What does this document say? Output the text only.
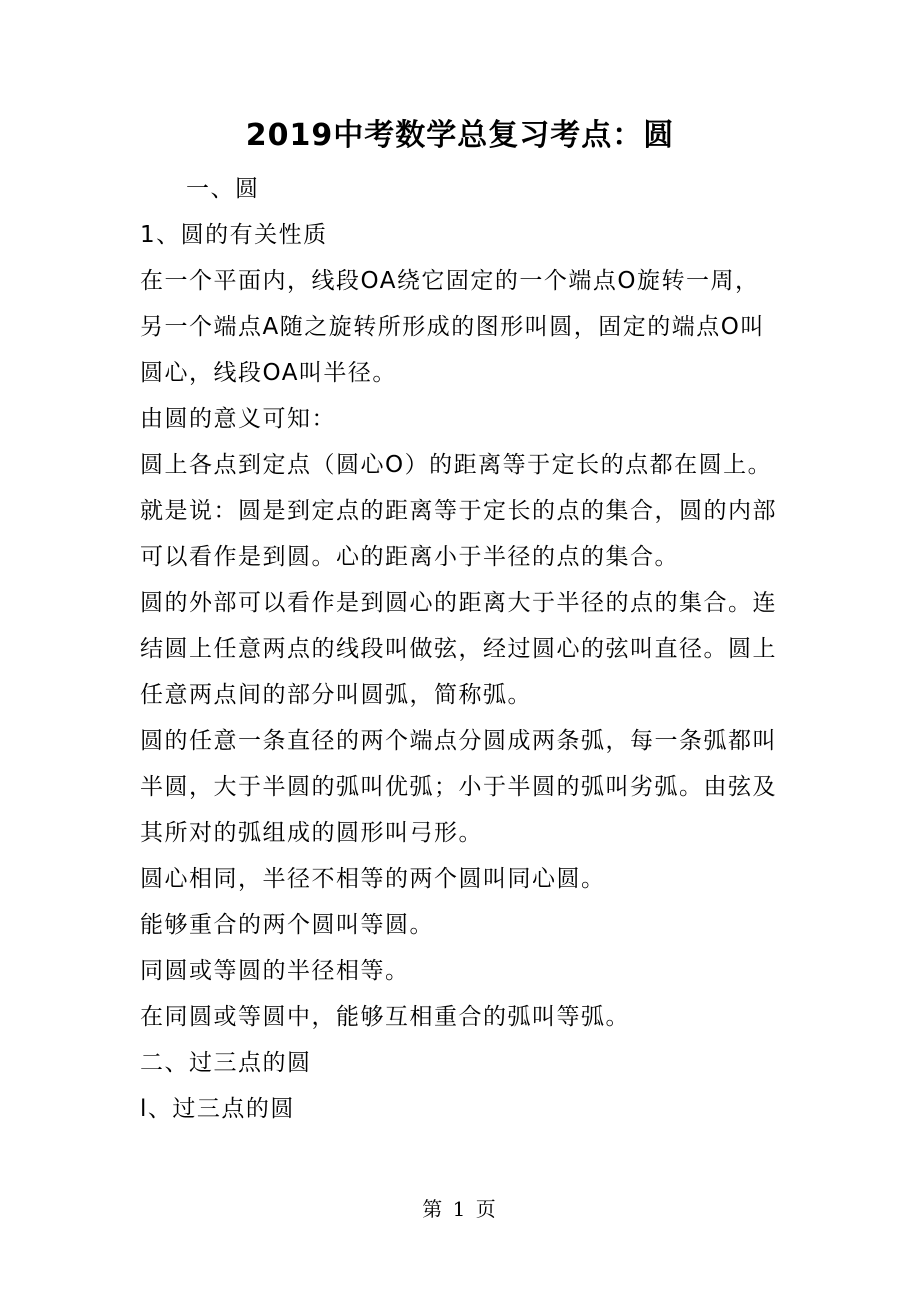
2019中考数学总复习考点：圆
一、圆
1、圆的有关性质
在一个平面内，线段OA绕它固定的一个端点O旋转一周，
另一个端点A随之旋转所形成的图形叫圆，固定的端点O叫
圆心，线段OA叫半径。
由圆的意义可知：
圆上各点到定点（圆心O）的距离等于定长的点都在圆上。
就是说：圆是到定点的距离等于定长的点的集合，圆的内部
可以看作是到圆。心的距离小于半径的点的集合。
圆的外部可以看作是到圆心的距离大于半径的点的集合。连
结圆上任意两点的线段叫做弦，经过圆心的弦叫直径。圆上
任意两点间的部分叫圆弧，简称弧。
圆的任意一条直径的两个端点分圆成两条弧，每一条弧都叫
半圆，大于半圆的弧叫优弧；小于半圆的弧叫劣弧。由弦及
其所对的弧组成的圆形叫弓形。
圆心相同，半径不相等的两个圆叫同心圆。
能够重合的两个圆叫等圆。
同圆或等圆的半径相等。
在同圆或等圆中，能够互相重合的弧叫等弧。
二、过三点的圆
l、过三点的圆
第 1 页
